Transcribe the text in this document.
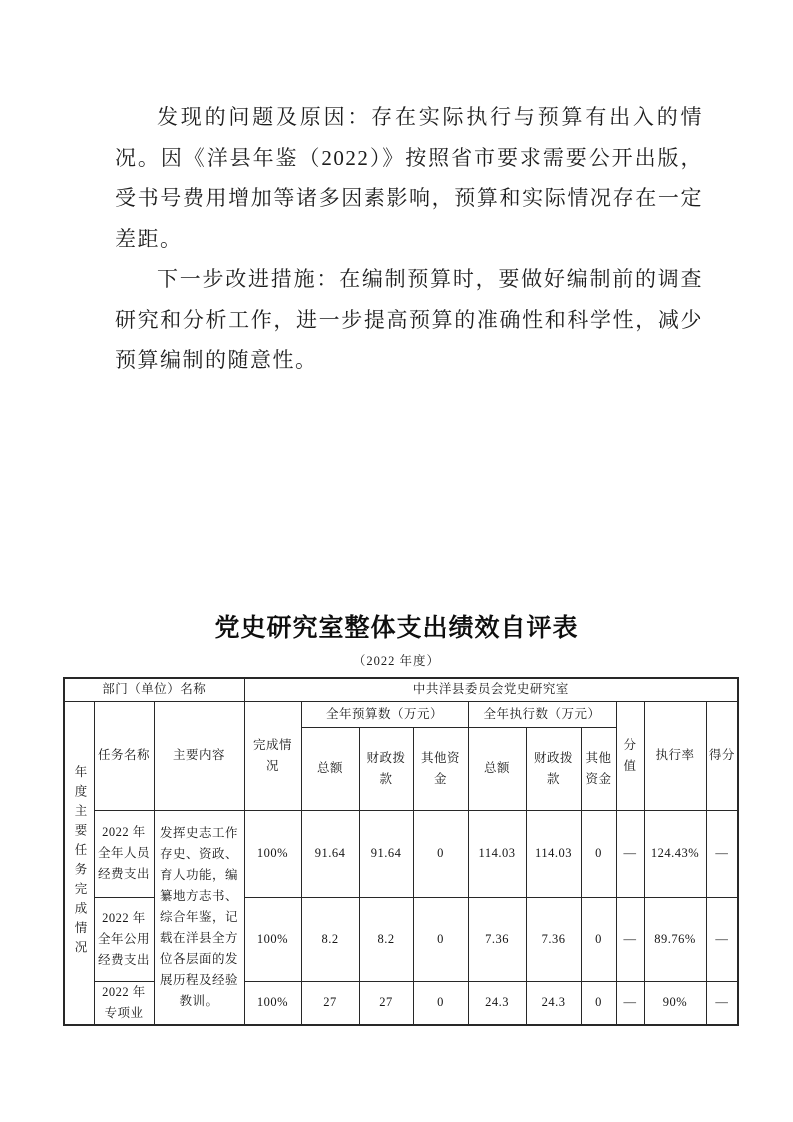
发现的问题及原因：存在实际执行与预算有出入的情况。因《洋县年鉴（2022）》按照省市要求需要公开出版，受书号费用增加等诸多因素影响，预算和实际情况存在一定差距。

下一步改进措施：在编制预算时，要做好编制前的调查研究和分析工作，进一步提高预算的准确性和科学性，减少预算编制的随意性。

党史研究室整体支出绩效自评表
（2022 年度）
部门（单位）名称			中共洋县委员会党史研究室									

年度主要任务完成情况	任务名称	主要内容	完成情况	全年预算数（万元）			全年执行数（万元）			分值	执行率	得分
				总额	财政拨款	其他资金	总额	财政拨款	其他资金			
	2022 年全年人员经费支出	发挥史志工作存史、资政、育人功能，编纂地方志书、综合年鉴，记载在洋县全方位各层面的发展历程及经验教训。	100%	91.64	91.64	0	114.03	114.03	0	—	124.43%	—
	2022 年全年公用经费支出		100%	8.2	8.2	0	7.36	7.36	0	—	89.76%	—
	2022 年专项业		100%	27	27	0	24.3	24.3	0	—	90%	—
